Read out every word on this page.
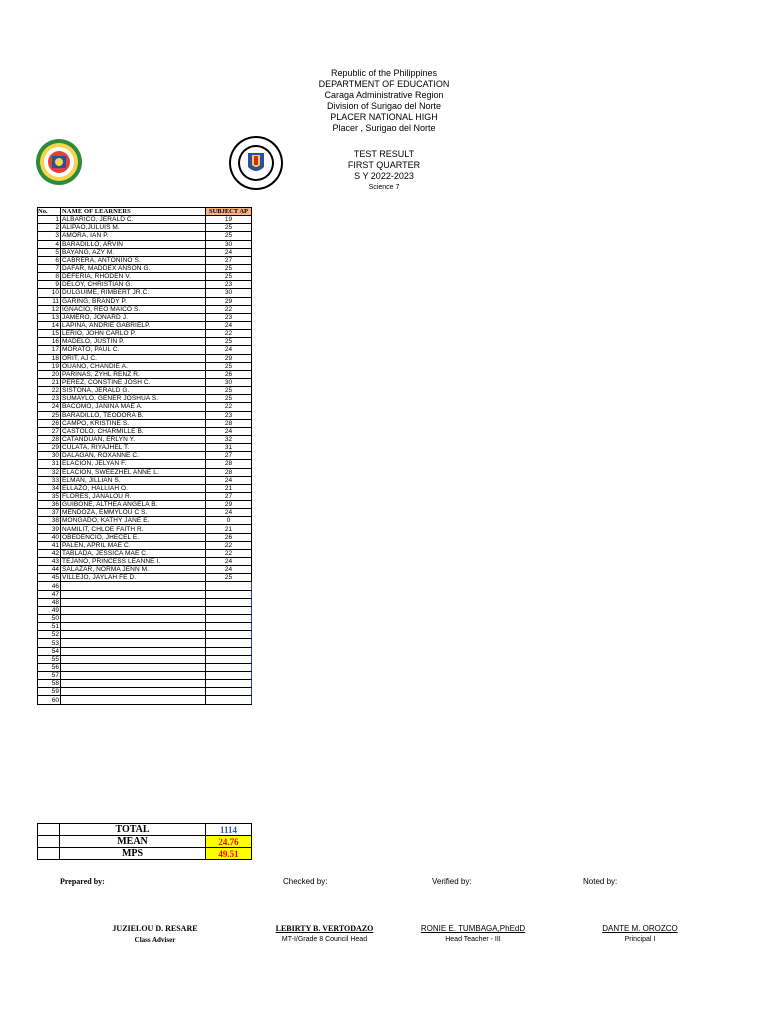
Republic of the Philippines
DEPARTMENT OF EDUCATION
Caraga Administrative Region
Division of Surigao del Norte
PLACER NATIONAL HIGH
Placer , Surigao del Norte
TEST RESULT
FIRST QUARTER
S Y 2022-2023
Science 7
No.	NAME OF LEARNERS	SUBJECT AP
1	ALBARICO, JERALD C.	19
2	ALIPAO,JULUIS M.	25
3	AMORA, IAN P.	25
4	BARADILLO, ARVIN	30
5	BAYANG, AZY M.	24
6	CABRERA, ANTONINO S.	27
7	DAFAR, MADDEX ANSON G.	25
8	DEFERIA, RHODEN V.	25
9	DELOY, CHRISTIAN G.	23
10	DULGUIME, RIMBERT JR.C.	30
11	GARING, BRANDY P.	29
12	IGNACIO, REO MAICO S.	22
13	JAMERO, JONARD J.	23
14	LAPINA, ANDRIE GABRIELP.	24
15	LERIO, JOHN CARLO P.	22
16	MADELO, JUSTIN P.	25
17	MORATO, PAUL C.	24
18	ORIT, AJ C.	29
19	OUANO, CHANDIE A.	25
20	PARINAS, ZYHL RENZ R.	26
21	PEREZ, CONSTINE JOSH C.	30
22	SISTONA, JERALD G.	25
23	SUMAYLO, GENER JOSHUA S.	25
24	BACOMO, JANINA MAE A.	22
25	BARADILLO, TEODORA B.	23
26	CAMPO, KRISTINE S.	28
27	CASTOLO, CHARMILLE B.	24
28	CATANDUAN, ERLYN Y.	32
29	CULATA, RIYAJHEL T.	31
30	DALAGAN, ROXANNE C.	27
31	ELACION, JELYAN F.	28
32	ELACION, SWEEZHEL ANNE L.	28
33	ELMAN, JILLIAN S.	24
34	ELLAZO, HALLIAH O.	21
35	FLORES, JANALOU R.	27
36	GUIBONE, ALTHEA ANGELA B.	29
37	MENDOZA, EMMYLOU C S.	24
38	MONGADO, KATHY JANE E.	0
39	NAMILIT, CHLOE FAITH R.	21
40	OBEDENCIO, JHECEL E.	26
41	PALEN, APRIL MAE C.	22
42	TABLADA, JESSICA MAE C.	22
43	TEJANO, PRINCESS LEANNE I.	24
44	SALAZAR, NORMA JENN M.	24
45	VILLEJO, JAYLAH FE D.	25
46		
47		
48		
49		
50		
51		
52		
53		
54		
55		
56		
57		
58		
59		
60		
	TOTAL	1114
	MEAN	24.76
	MPS	49.51
Prepared by:	Checked by:	Verified by:	Noted by:
JUZIELOU D. RESARE
Class Adviser
LEBIRTY B. VERTODAZO
MT-I/Grade 8 Council Head
RONIE E. TUMBAGA,PhEdD
Head Teacher - III
DANTE M. OROZCO
Principal I
